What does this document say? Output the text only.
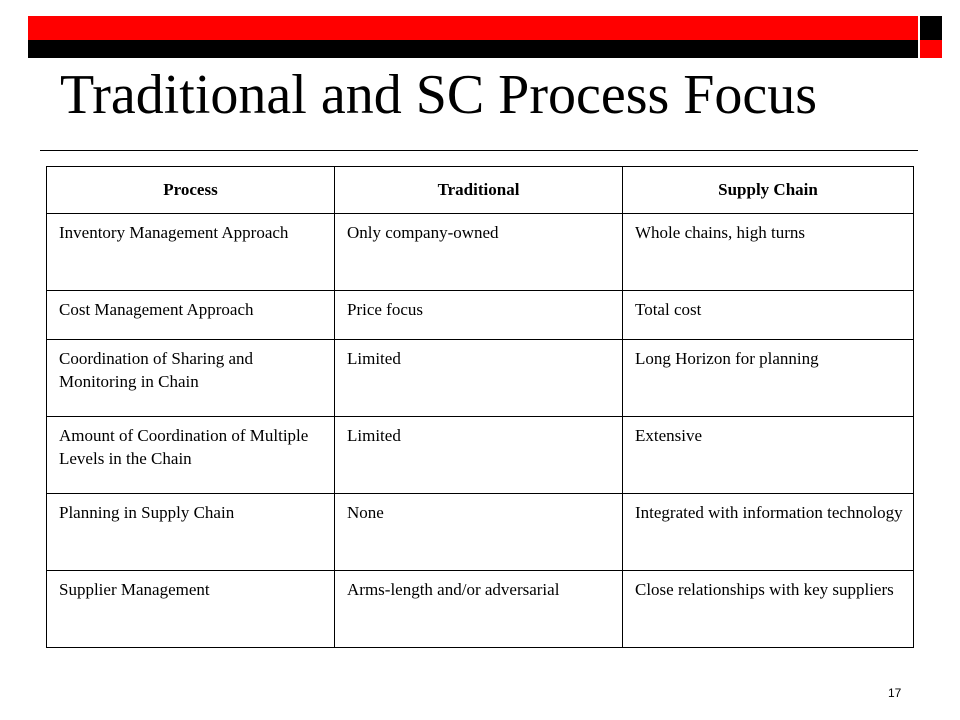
Traditional and SC Process Focus
Process	Traditional	Supply Chain
Inventory Management Approach	Only company-owned	Whole chains, high turns
Cost Management Approach	Price focus	Total cost
Coordination of Sharing and Monitoring in Chain	Limited	Long Horizon for planning
Amount of Coordination of Multiple Levels in the Chain	Limited	Extensive
Planning in Supply Chain	None	Integrated with information technology
Supplier Management	Arms-length and/or adversarial	Close relationships with key suppliers
17
